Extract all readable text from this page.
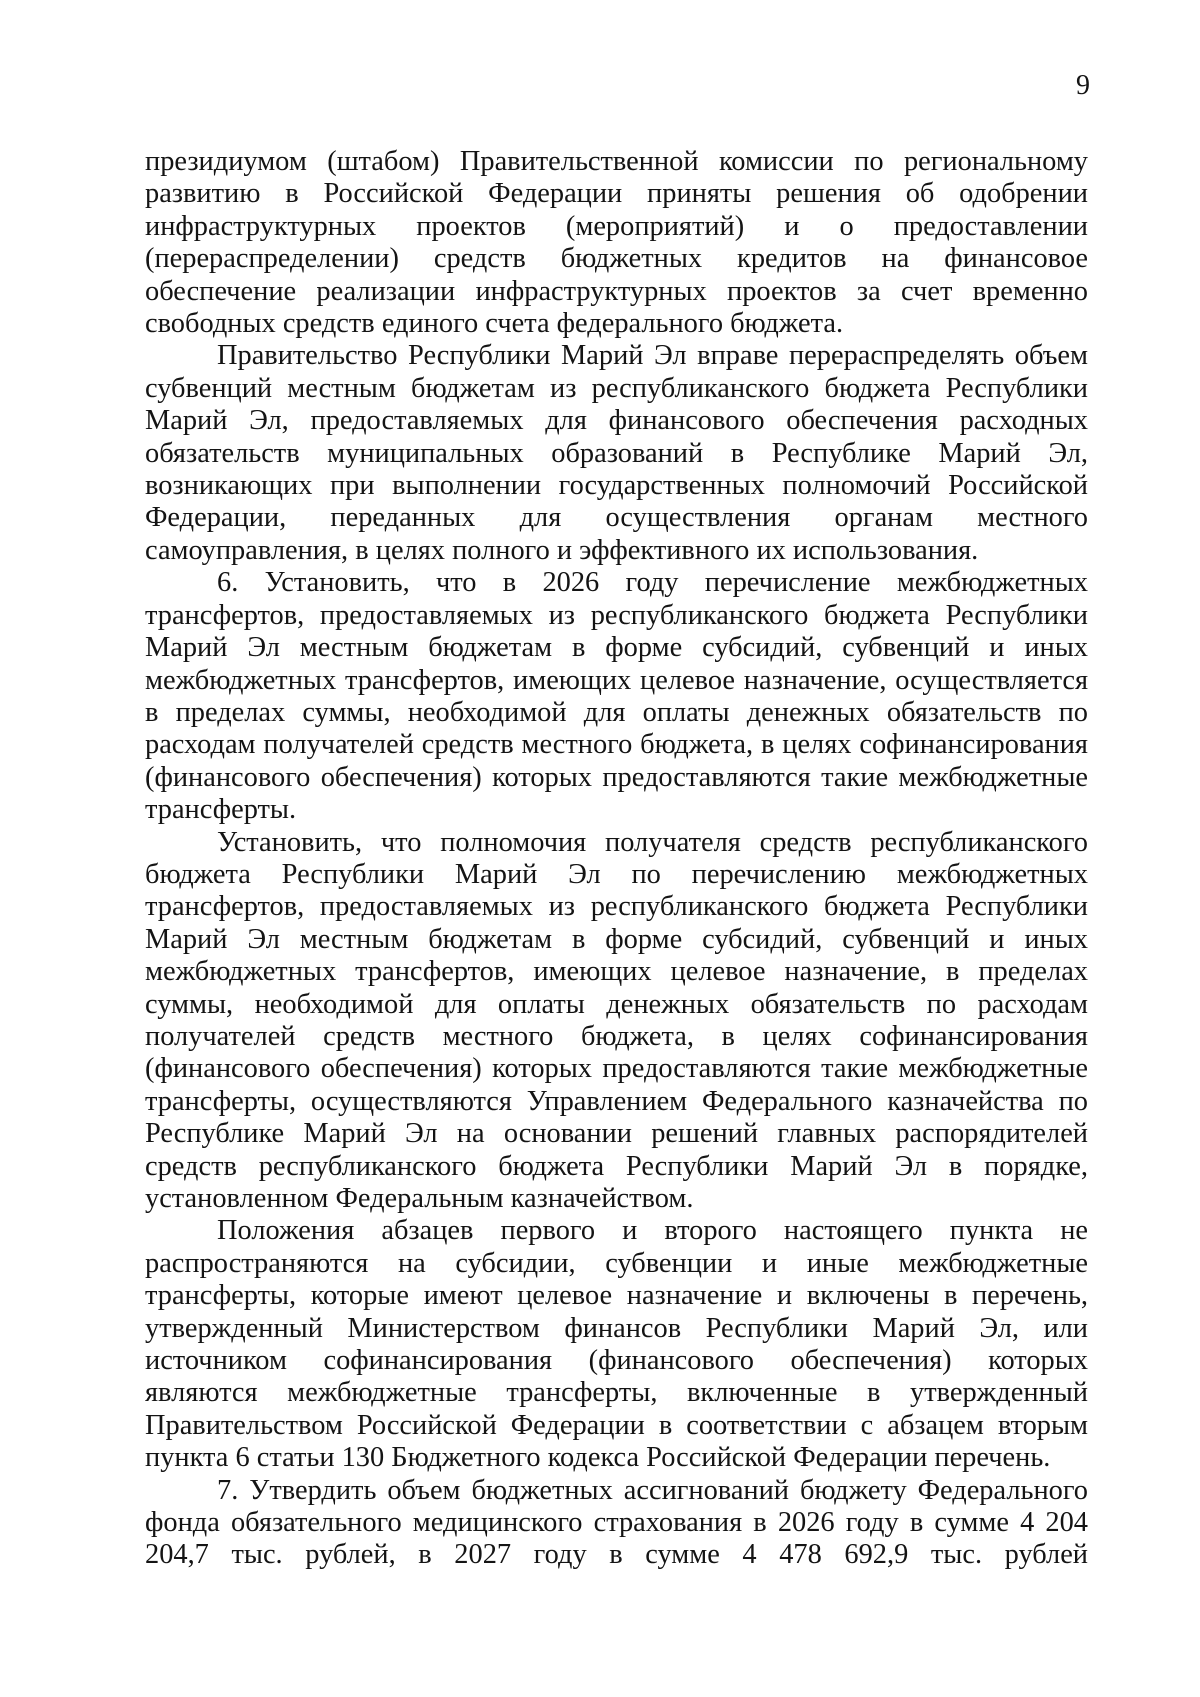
9

президиумом (штабом) Правительственной комиссии по региональному развитию в Российской Федерации приняты решения об одобрении инфраструктурных проектов (мероприятий) и о предоставлении (перераспределении) средств бюджетных кредитов на финансовое обеспечение реализации инфраструктурных проектов за счет временно свободных средств единого счета федерального бюджета.

Правительство Республики Марий Эл вправе перераспределять объем субвенций местным бюджетам из республиканского бюджета Республики Марий Эл, предоставляемых для финансового обеспечения расходных обязательств муниципальных образований в Республике Марий Эл, возникающих при выполнении государственных полномочий Российской Федерации, переданных для осуществления органам местного самоуправления, в целях полного и эффективного их использования.

6. Установить, что в 2026 году перечисление межбюджетных трансфертов, предоставляемых из республиканского бюджета Республики Марий Эл местным бюджетам в форме субсидий, субвенций и иных межбюджетных трансфертов, имеющих целевое назначение, осуществляется в пределах суммы, необходимой для оплаты денежных обязательств по расходам получателей средств местного бюджета, в целях софинансирования (финансового обеспечения) которых предоставляются такие межбюджетные трансферты.

Установить, что полномочия получателя средств республиканского бюджета Республики Марий Эл по перечислению межбюджетных трансфертов, предоставляемых из республиканского бюджета Республики Марий Эл местным бюджетам в форме субсидий, субвенций и иных межбюджетных трансфертов, имеющих целевое назначение, в пределах суммы, необходимой для оплаты денежных обязательств по расходам получателей средств местного бюджета, в целях софинансирования (финансового обеспечения) которых предоставляются такие межбюджетные трансферты, осуществляются Управлением Федерального казначейства по Республике Марий Эл на основании решений главных распорядителей средств республиканского бюджета Республики Марий Эл в порядке, установленном Федеральным казначейством.

Положения абзацев первого и второго настоящего пункта не распространяются на субсидии, субвенции и иные межбюджетные трансферты, которые имеют целевое назначение и включены в перечень, утвержденный Министерством финансов Республики Марий Эл, или источником софинансирования (финансового обеспечения) которых являются межбюджетные трансферты, включенные в утвержденный Правительством Российской Федерации в соответствии с абзацем вторым пункта 6 статьи 130 Бюджетного кодекса Российской Федерации перечень.

7. Утвердить объем бюджетных ассигнований бюджету Федерального фонда обязательного медицинского страхования в 2026 году в сумме 4 204 204,7 тыс. рублей, в 2027 году в сумме 4 478 692,9 тыс. рублей
